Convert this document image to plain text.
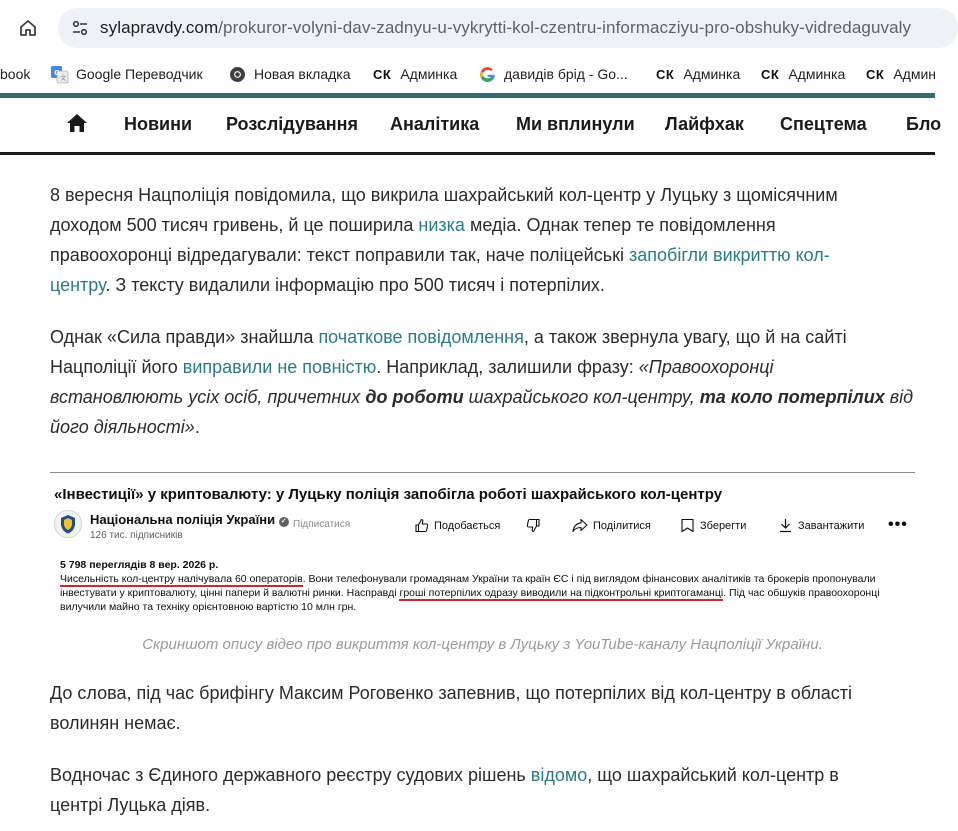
sylapravdy.com/prokuror-volyni-dav-zadnyu-u-vykrytti-kol-czentru-informacziyu-pro-obshuky-vidredaguvaly
book	G
文 Google Переводчик	Новая вкладка СК Админка	давидів брід - Go... СК Админка СК Админка СК Админ
Новини Розслідування Аналітика Ми вплинули Лайфхак Спецтема Бло
8 вересня Нацполіція повідомила, що викрила шахрайський кол-центр у Луцьку з щомісячним
доходом 500 тисяч гривень, й це поширила низка медіа. Однак тепер те повідомлення
правоохоронці відредагували: текст поправили так, наче поліцейські запобігли викриттю кол-
центру. З тексту видалили інформацію про 500 тисяч і потерпілих.
Однак «Сила правди» знайшла початкове повідомлення, а також звернула увагу, що й на сайті
Нацполіції його виправили не повністю. Наприклад, залишили фразу: «Правоохоронці
встановлюють усіх осіб, причетних до роботи шахрайського кол-центру, та коло потерпілих від
його діяльності».
«Інвестиції» у криптовалюту: у Луцьку поліція запобігла роботі шахрайського кол-центру
Національна поліція України ✓
126 тис. підписників
Підписатися	Подобається	Поділитися	Зберегти	Завантажити •••
5 798 переглядів 8 вер. 2026 р.
Чисельність кол-центру налічувала 60 операторів. Вони телефонували громадянам України та країн ЄС і під виглядом фінансових аналітиків та брокерів пропонували
інвестувати у криптовалюту, цінні папери й валютні ринки. Насправді гроші потерпілих одразу виводили на підконтрольні криптогаманці. Під час обшуків правоохоронці
вилучили майно та техніку орієнтовною вартістю 10 млн грн.
Скриншот опису відео про викриття кол-центру в Луцьку з YouTube-каналу Нацполіції України.
До слова, під час брифінгу Максим Роговенко запевнив, що потерпілих від кол-центру в області
волинян немає.
Водночас з Єдиного державного реєстру судових рішень відомо, що шахрайський кол-центр в
центрі Луцька діяв.
